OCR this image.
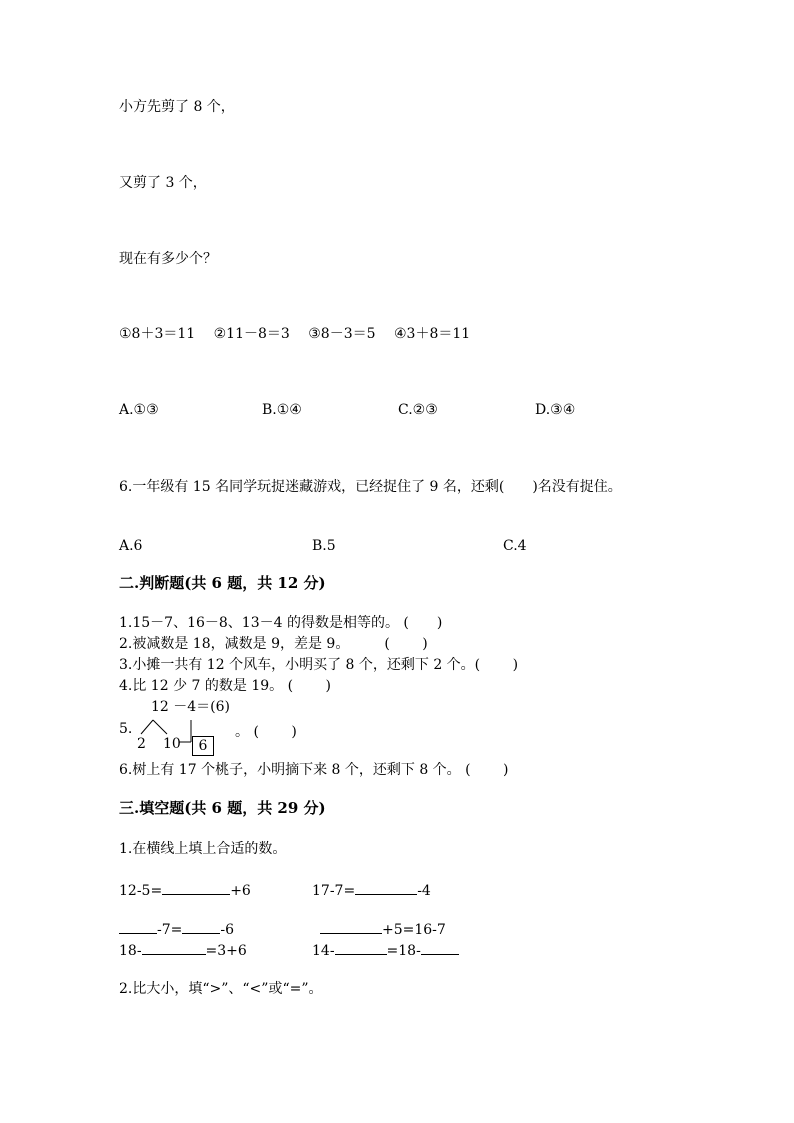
小方先剪了 8 个，
又剪了 3 个，
现在有多少个？
①8＋3＝11　 ②11－8＝3　 ③8－3＝5　 ④3＋8＝11
A.①③	B.①④	C.②③	D.③④
6.一年级有 15 名同学玩捉迷藏游戏，已经捉住了 9 名，还剩(　　)名没有捉住。
A.6	B.5	C.4
二.判断题(共 6 题，共 12 分)
1.15－7、16－8、13－4 的得数是相等的。 (　　)
2.被减数是 18，减数是 9，差是 9。　　　(　　 )
3.小摊一共有 12 个风车，小明买了 8 个，还剩下 2 个。(　　 )
4.比 12 少 7 的数是 19。 (　　 )
5.
12 －4＝(6)
2 10	6
。 (　　 )
6.树上有 17 个桃子，小明摘下来 8 个，还剩下 8 个。 (　　 )
三.填空题(共 6 题，共 29 分)
1.在横线上填上合适的数。
12-5=	+6	17-7=	-4
-7=	-6	+5=16-7
18-	=3+6	14-	=18-
2.比大小，填“>”、“<”或“=”。
